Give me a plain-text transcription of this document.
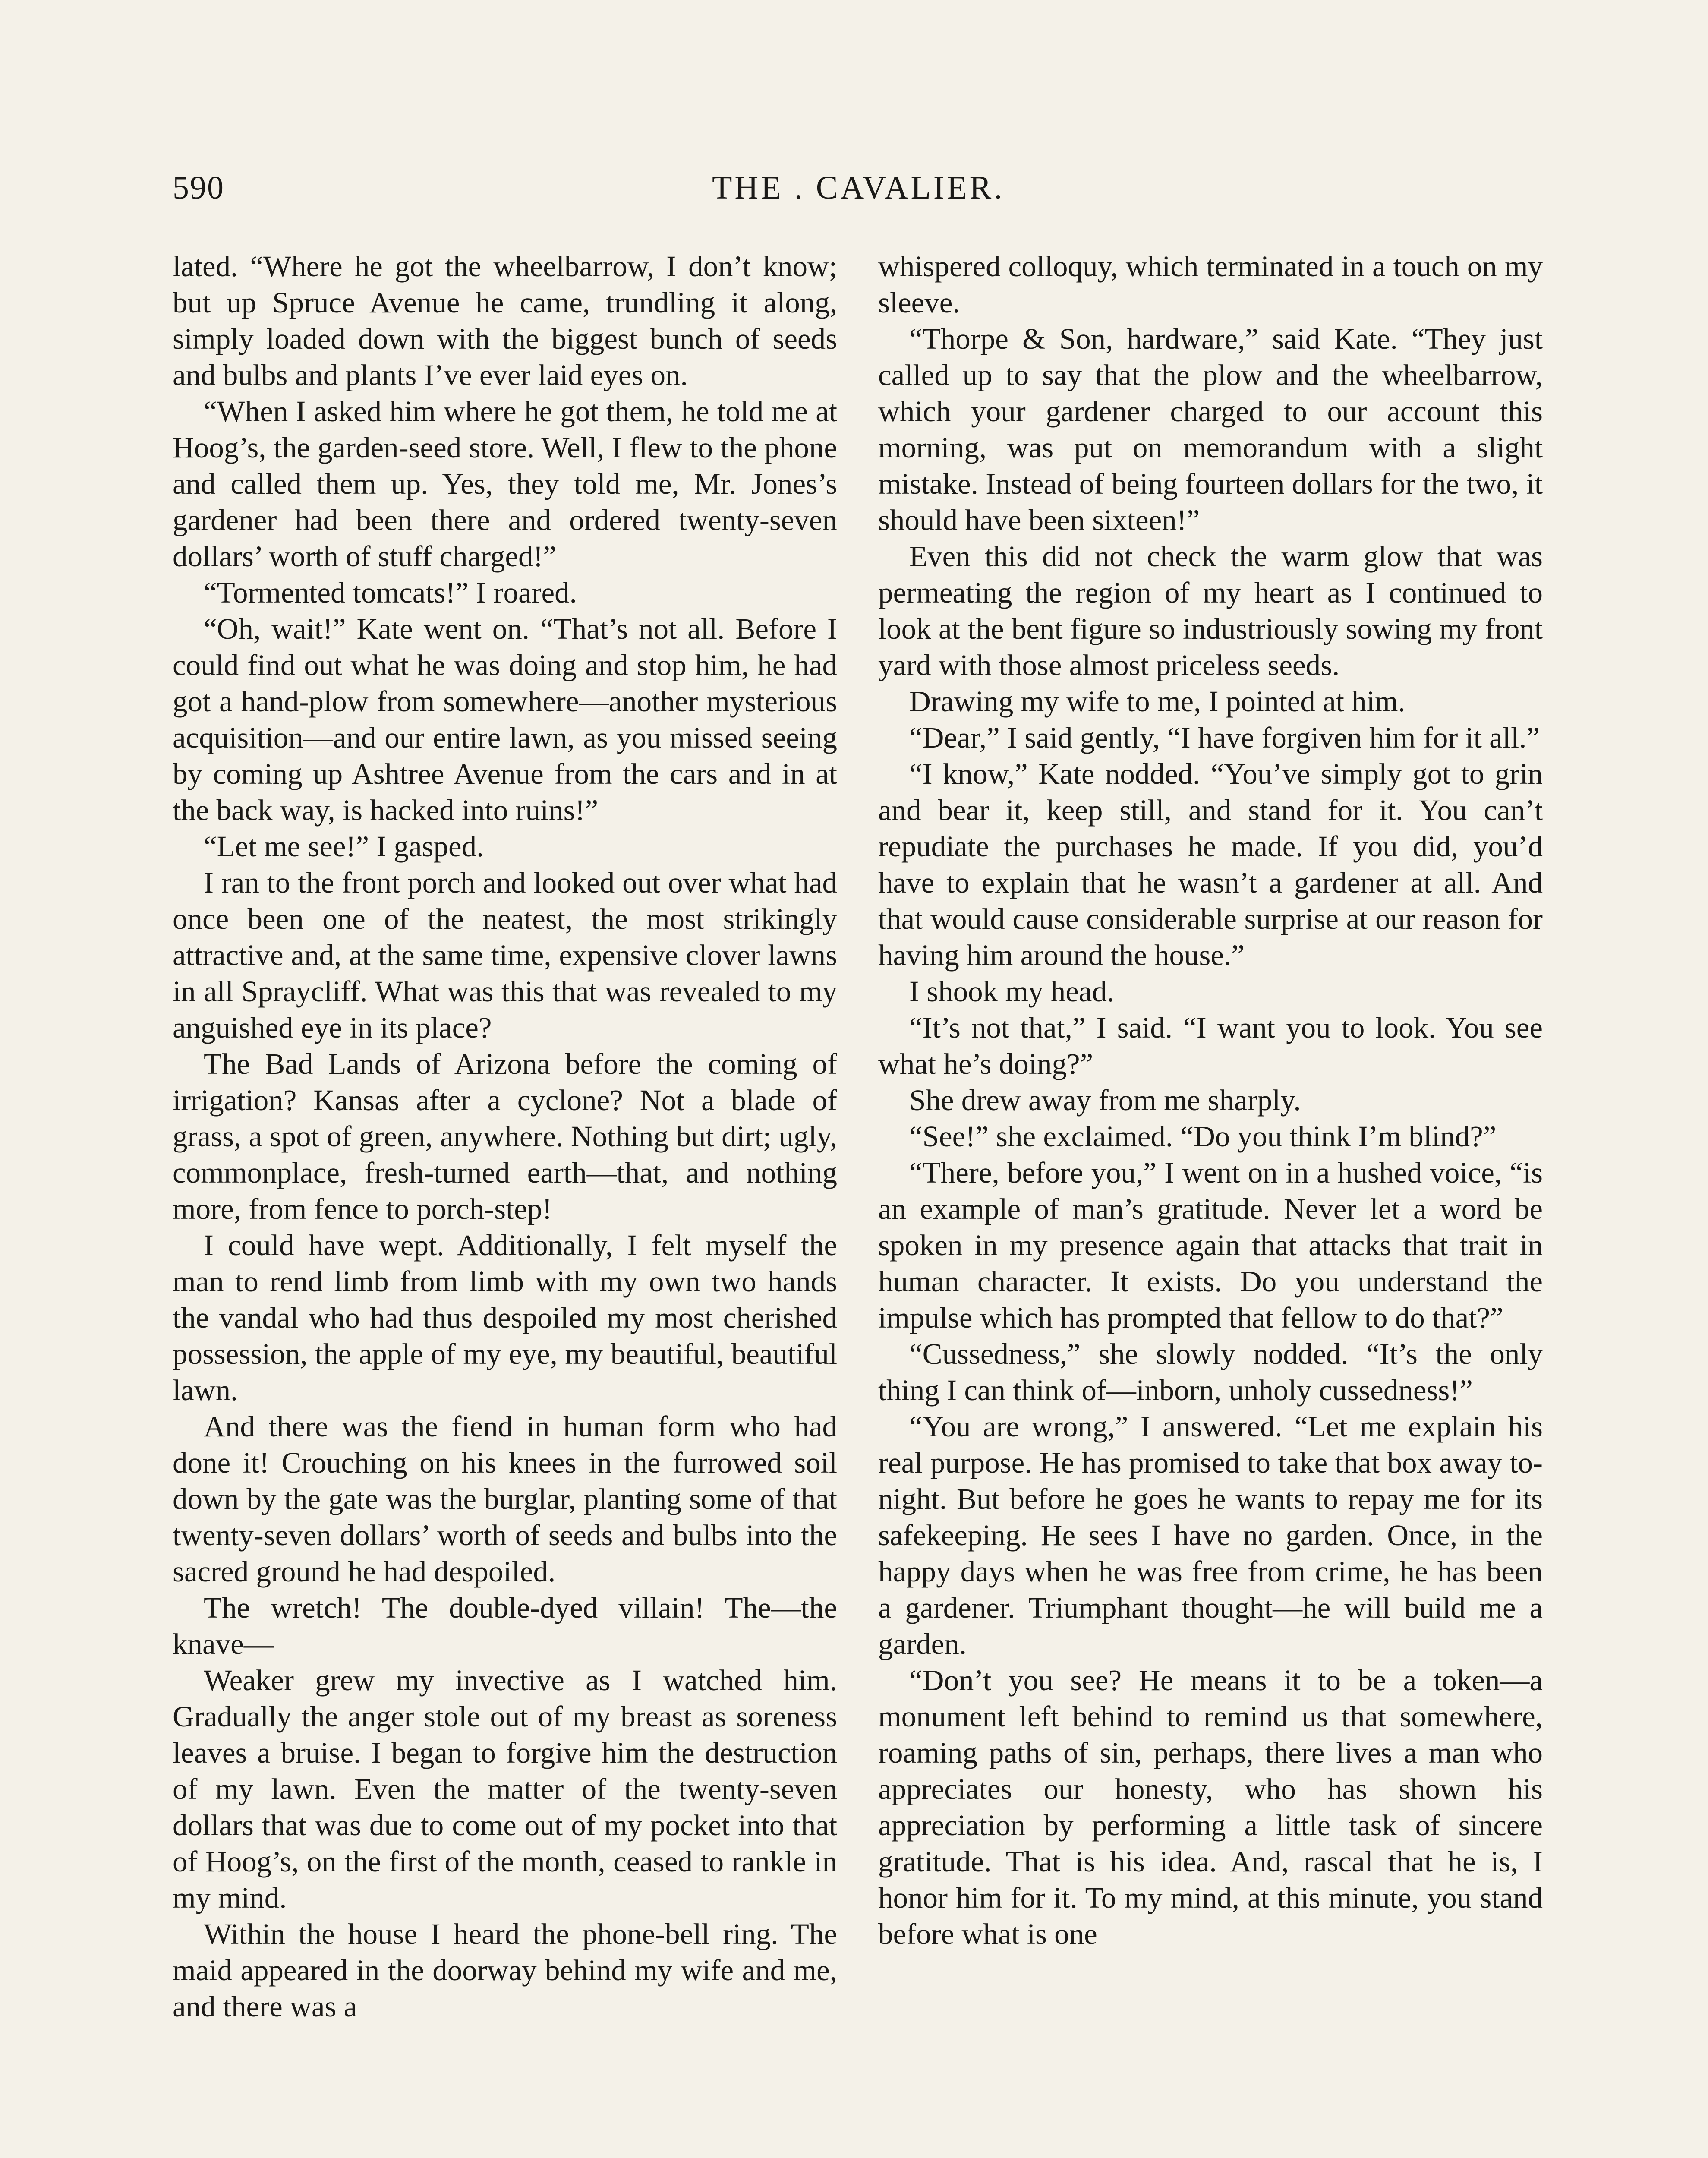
590	THE . CAVALIER.

lated. “Where he got the wheelbarrow, I don’t know; but up Spruce Avenue he came, trundling it along, simply loaded down with the biggest bunch of seeds and bulbs and plants I’ve ever laid eyes on.

“When I asked him where he got them, he told me at Hoog’s, the garden-seed store. Well, I flew to the phone and called them up. Yes, they told me, Mr. Jones’s gardener had been there and ordered twenty-seven dollars’ worth of stuff charged!”

“Tormented tomcats!” I roared.

“Oh, wait!” Kate went on. “That’s not all. Before I could find out what he was doing and stop him, he had got a hand-plow from somewhere—another mysterious acquisition—and our entire lawn, as you missed seeing by coming up Ashtree Avenue from the cars and in at the back way, is hacked into ruins!”

“Let me see!” I gasped.

I ran to the front porch and looked out over what had once been one of the neatest, the most strikingly attractive and, at the same time, expensive clover lawns in all Spraycliff. What was this that was revealed to my anguished eye in its place?

The Bad Lands of Arizona before the coming of irrigation? Kansas after a cyclone? Not a blade of grass, a spot of green, anywhere. Nothing but dirt; ugly, commonplace, fresh-turned earth—that, and nothing more, from fence to porch-step!

I could have wept. Additionally, I felt myself the man to rend limb from limb with my own two hands the vandal who had thus despoiled my most cherished possession, the apple of my eye, my beautiful, beautiful lawn.

And there was the fiend in human form who had done it! Crouching on his knees in the furrowed soil down by the gate was the burglar, planting some of that twenty-seven dollars’ worth of seeds and bulbs into the sacred ground he had despoiled.

The wretch! The double-dyed villain! The—the knave—

Weaker grew my invective as I watched him. Gradually the anger stole out of my breast as soreness leaves a bruise. I began to forgive him the destruction of my lawn. Even the matter of the twenty-seven dollars that was due to come out of my pocket into that of Hoog’s, on the first of the month, ceased to rankle in my mind.

Within the house I heard the phone-bell ring. The maid appeared in the doorway behind my wife and me, and there was a

whispered colloquy, which terminated in a touch on my sleeve.

“Thorpe & Son, hardware,” said Kate. “They just called up to say that the plow and the wheelbarrow, which your gardener charged to our account this morning, was put on memorandum with a slight mistake. Instead of being fourteen dollars for the two, it should have been sixteen!”

Even this did not check the warm glow that was permeating the region of my heart as I continued to look at the bent figure so industriously sowing my front yard with those almost priceless seeds.

Drawing my wife to me, I pointed at him.

“Dear,” I said gently, “I have forgiven him for it all.”

“I know,” Kate nodded. “You’ve simply got to grin and bear it, keep still, and stand for it. You can’t repudiate the purchases he made. If you did, you’d have to explain that he wasn’t a gardener at all. And that would cause considerable surprise at our reason for having him around the house.”

I shook my head.

“It’s not that,” I said. “I want you to look. You see what he’s doing?”

She drew away from me sharply.

“See!” she exclaimed. “Do you think I’m blind?”

“There, before you,” I went on in a hushed voice, “is an example of man’s gratitude. Never let a word be spoken in my presence again that attacks that trait in human character. It exists. Do you understand the impulse which has prompted that fellow to do that?”

“Cussedness,” she slowly nodded. “It’s the only thing I can think of—inborn, unholy cussedness!”

“You are wrong,” I answered. “Let me explain his real purpose. He has promised to take that box away to-night. But before he goes he wants to repay me for its safekeeping. He sees I have no garden. Once, in the happy days when he was free from crime, he has been a gardener. Triumphant thought—he will build me a garden.

“Don’t you see? He means it to be a token—a monument left behind to remind us that somewhere, roaming paths of sin, perhaps, there lives a man who appreciates our honesty, who has shown his appreciation by performing a little task of sincere gratitude. That is his idea. And, rascal that he is, I honor him for it. To my mind, at this minute, you stand before what is one
